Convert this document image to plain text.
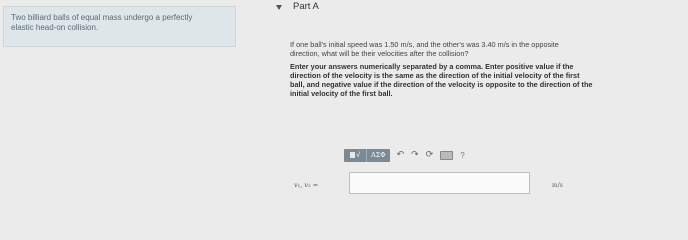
Two billiard balls of equal mass undergo a perfectly
elastic head-on collision.
Part A
If one ball's initial speed was 1.50 m/s, and the other's was 3.40 m/s in the opposite
direction, what will be their velocities after the collision?
Enter your answers numerically separated by a comma. Enter positive value if the
direction of the velocity is the same as the direction of the initial velocity of the first
ball, and negative value if the direction of the velocity is opposite to the direction of the
initial velocity of the first ball.
√	ΑΣΦ	↶ ↷ ⟳	?
v₁, v₂ =	m/s
